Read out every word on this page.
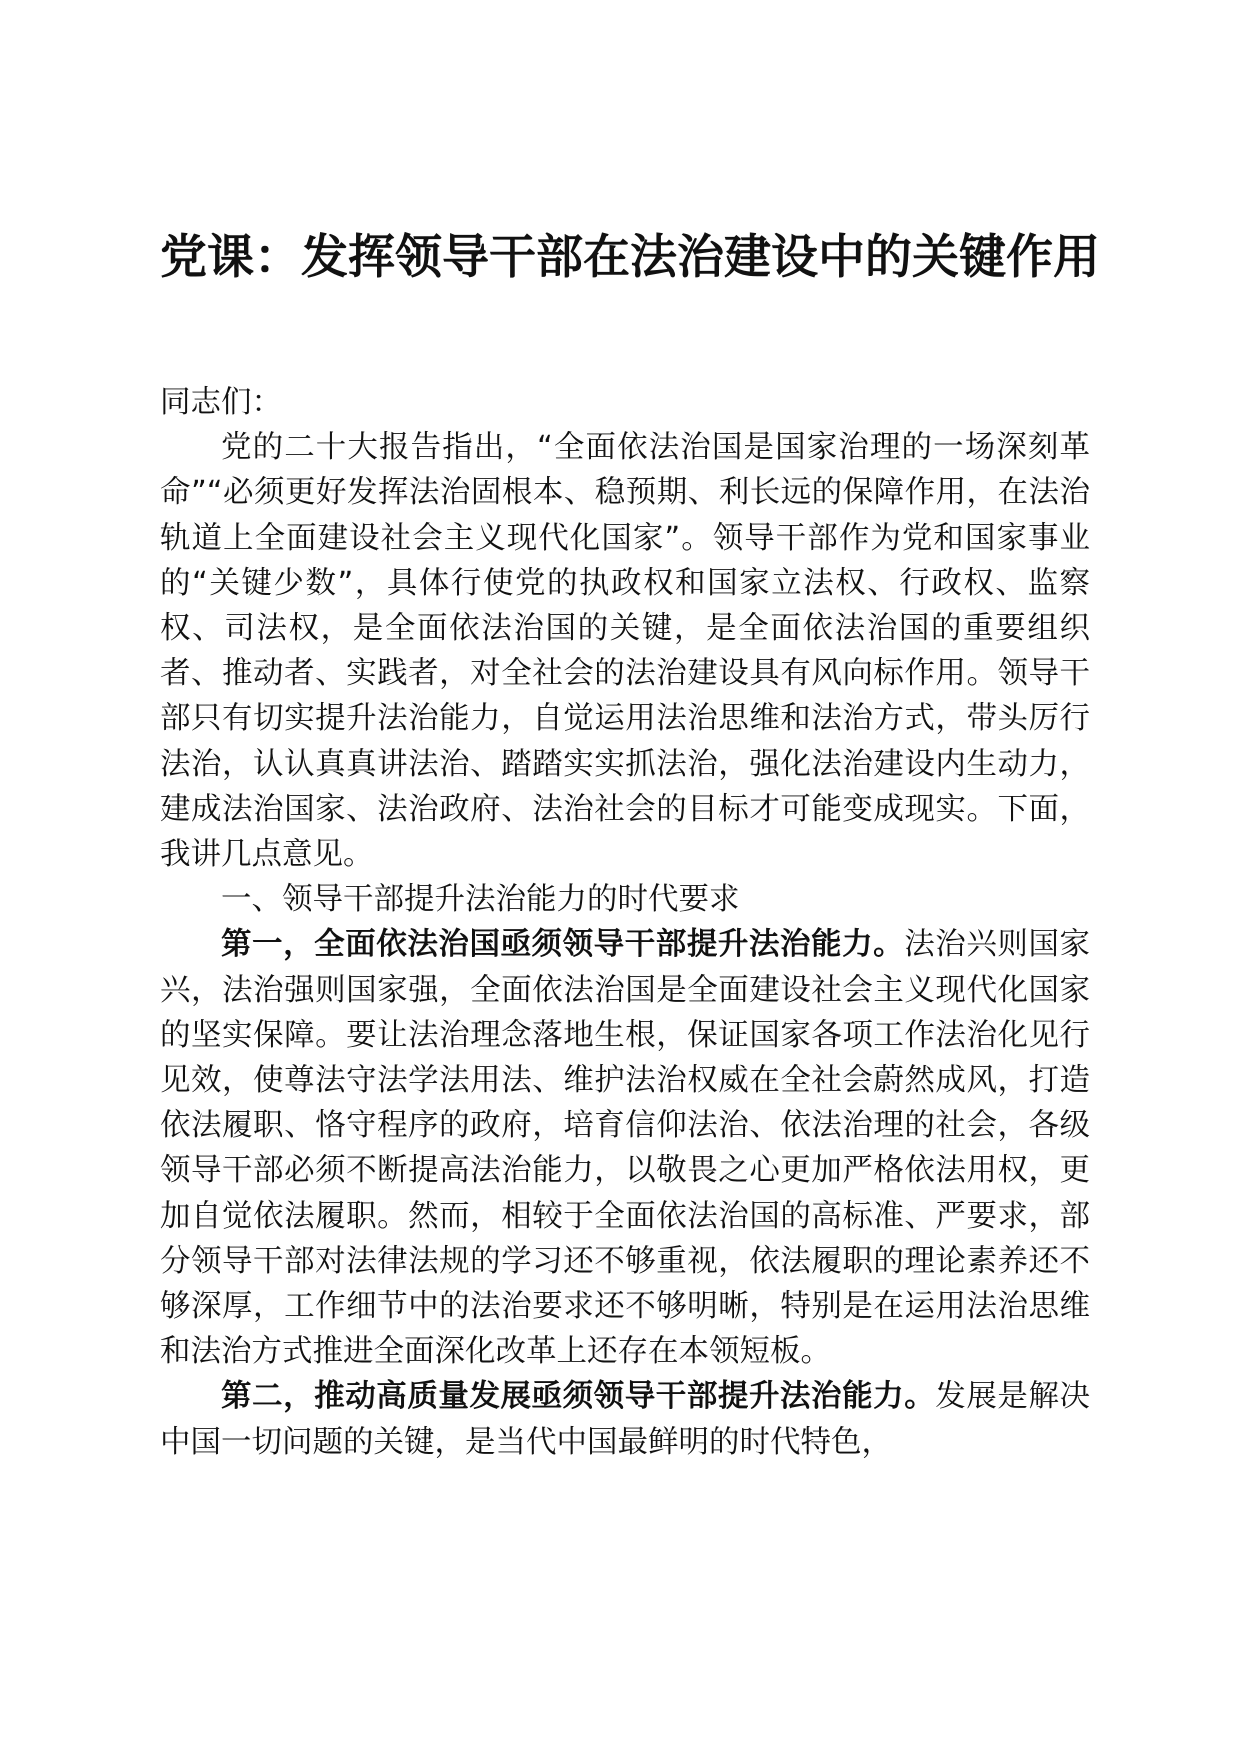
党课：发挥领导干部在法治建设中的关键作用

同志们：

党的二十大报告指出，“全面依法治国是国家治理的一场深刻革命”“必须更好发挥法治固根本、稳预期、利长远的保障作用，在法治轨道上全面建设社会主义现代化国家”。领导干部作为党和国家事业的“关键少数”，具体行使党的执政权和国家立法权、行政权、监察权、司法权，是全面依法治国的关键，是全面依法治国的重要组织者、推动者、实践者，对全社会的法治建设具有风向标作用。领导干部只有切实提升法治能力，自觉运用法治思维和法治方式，带头厉行法治，认认真真讲法治、踏踏实实抓法治，强化法治建设内生动力，建成法治国家、法治政府、法治社会的目标才可能变成现实。下面，我讲几点意见。

一、领导干部提升法治能力的时代要求

第一，全面依法治国亟须领导干部提升法治能力。法治兴则国家兴，法治强则国家强，全面依法治国是全面建设社会主义现代化国家的坚实保障。要让法治理念落地生根，保证国家各项工作法治化见行见效，使尊法守法学法用法、维护法治权威在全社会蔚然成风，打造依法履职、恪守程序的政府，培育信仰法治、依法治理的社会，各级领导干部必须不断提高法治能力，以敬畏之心更加严格依法用权，更加自觉依法履职。然而，相较于全面依法治国的高标准、严要求，部分领导干部对法律法规的学习还不够重视，依法履职的理论素养还不够深厚，工作细节中的法治要求还不够明晰，特别是在运用法治思维和法治方式推进全面深化改革上还存在本领短板。

第二，推动高质量发展亟须领导干部提升法治能力。发展是解决中国一切问题的关键，是当代中国最鲜明的时代特色，
